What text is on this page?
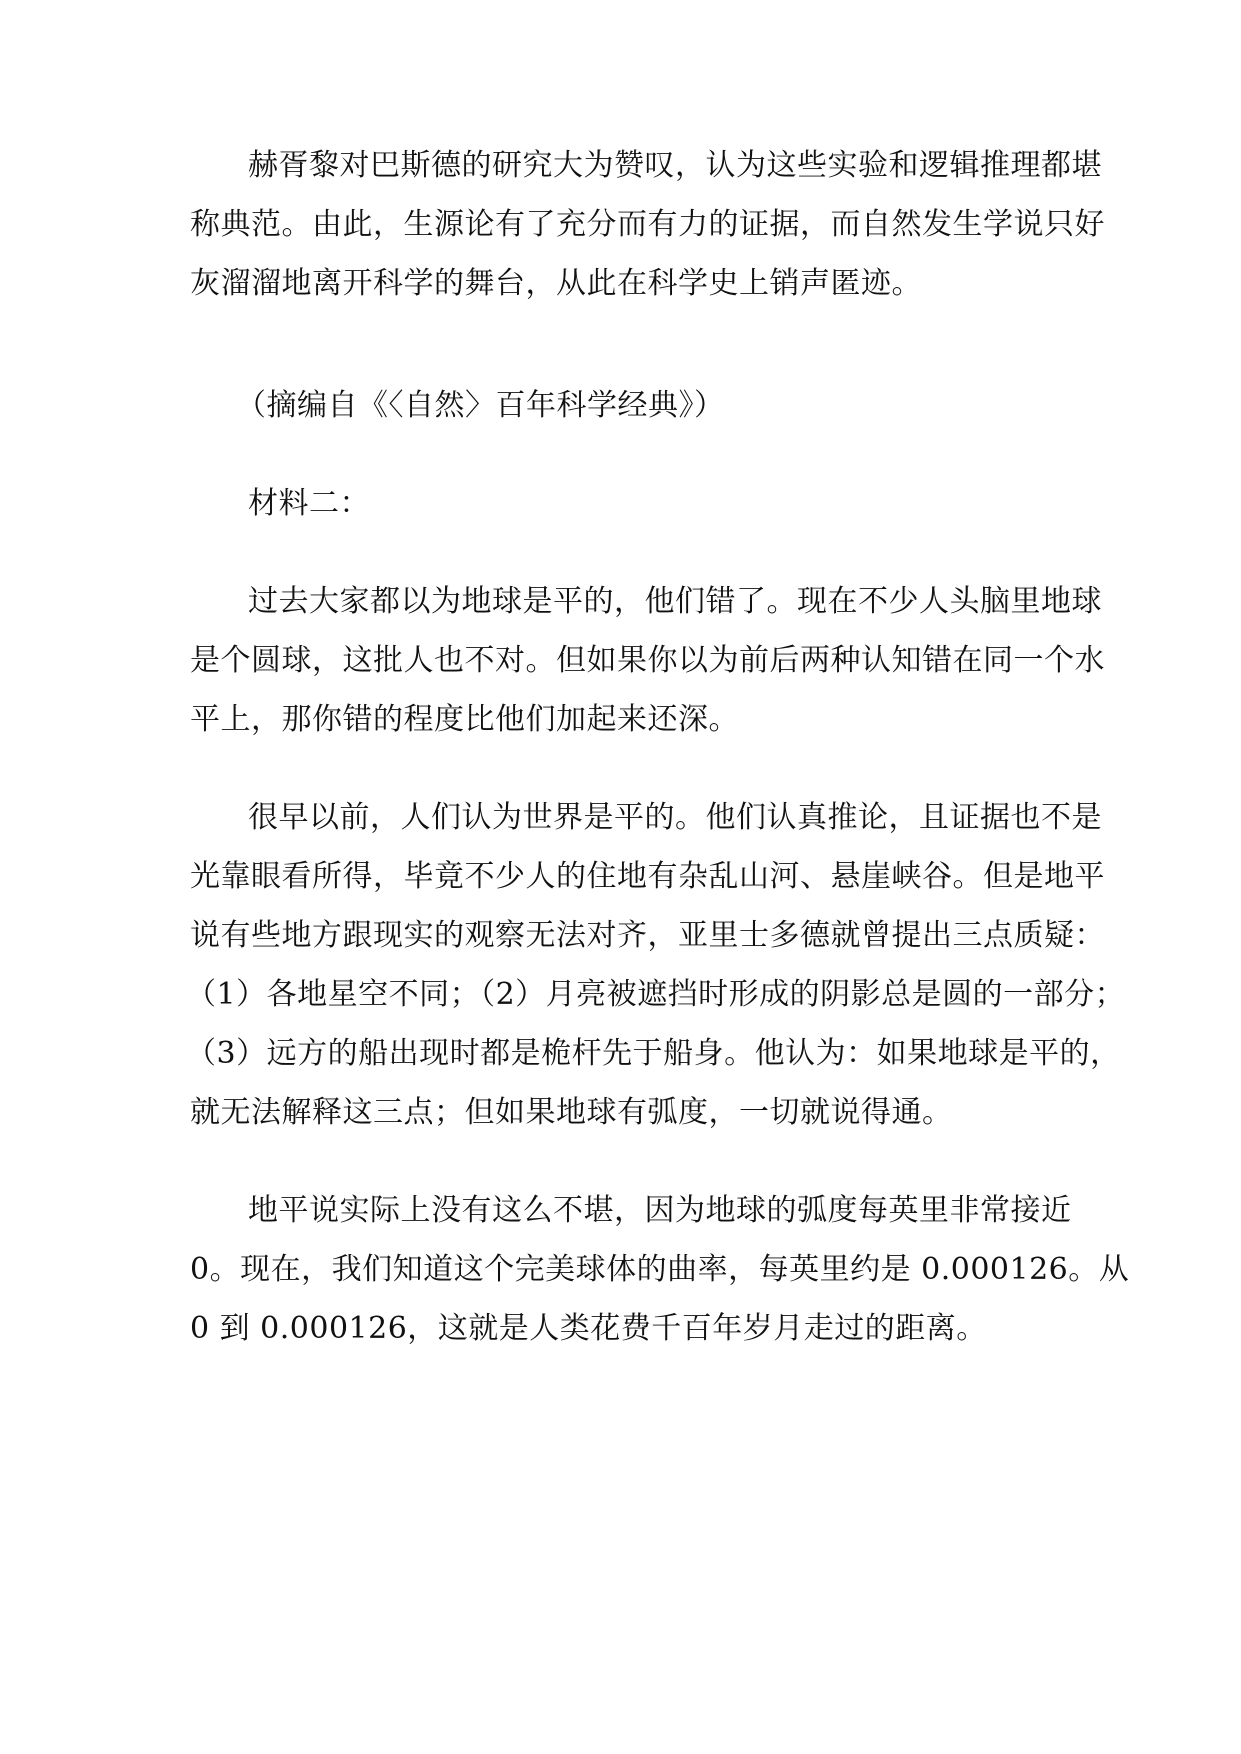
赫胥黎对巴斯德的研究大为赞叹，认为这些实验和逻辑推理都堪

称典范。由此，生源论有了充分而有力的证据，而自然发生学说只好

灰溜溜地离开科学的舞台，从此在科学史上销声匿迹。

（摘编自《〈自然〉百年科学经典》）

材料二：

过去大家都以为地球是平的，他们错了。现在不少人头脑里地球

是个圆球，这批人也不对。但如果你以为前后两种认知错在同一个水

平上，那你错的程度比他们加起来还深。

很早以前，人们认为世界是平的。他们认真推论，且证据也不是

光靠眼看所得，毕竟不少人的住地有杂乱山河、悬崖峡谷。但是地平

说有些地方跟现实的观察无法对齐，亚里士多德就曾提出三点质疑：

（1）各地星空不同；（2）月亮被遮挡时形成的阴影总是圆的一部分；

（3）远方的船出现时都是桅杆先于船身。他认为：如果地球是平的，

就无法解释这三点；但如果地球有弧度，一切就说得通。

地平说实际上没有这么不堪，因为地球的弧度每英里非常接近

0。现在，我们知道这个完美球体的曲率，每英里约是 0.000126。从

0 到 0.000126，这就是人类花费千百年岁月走过的距离。
